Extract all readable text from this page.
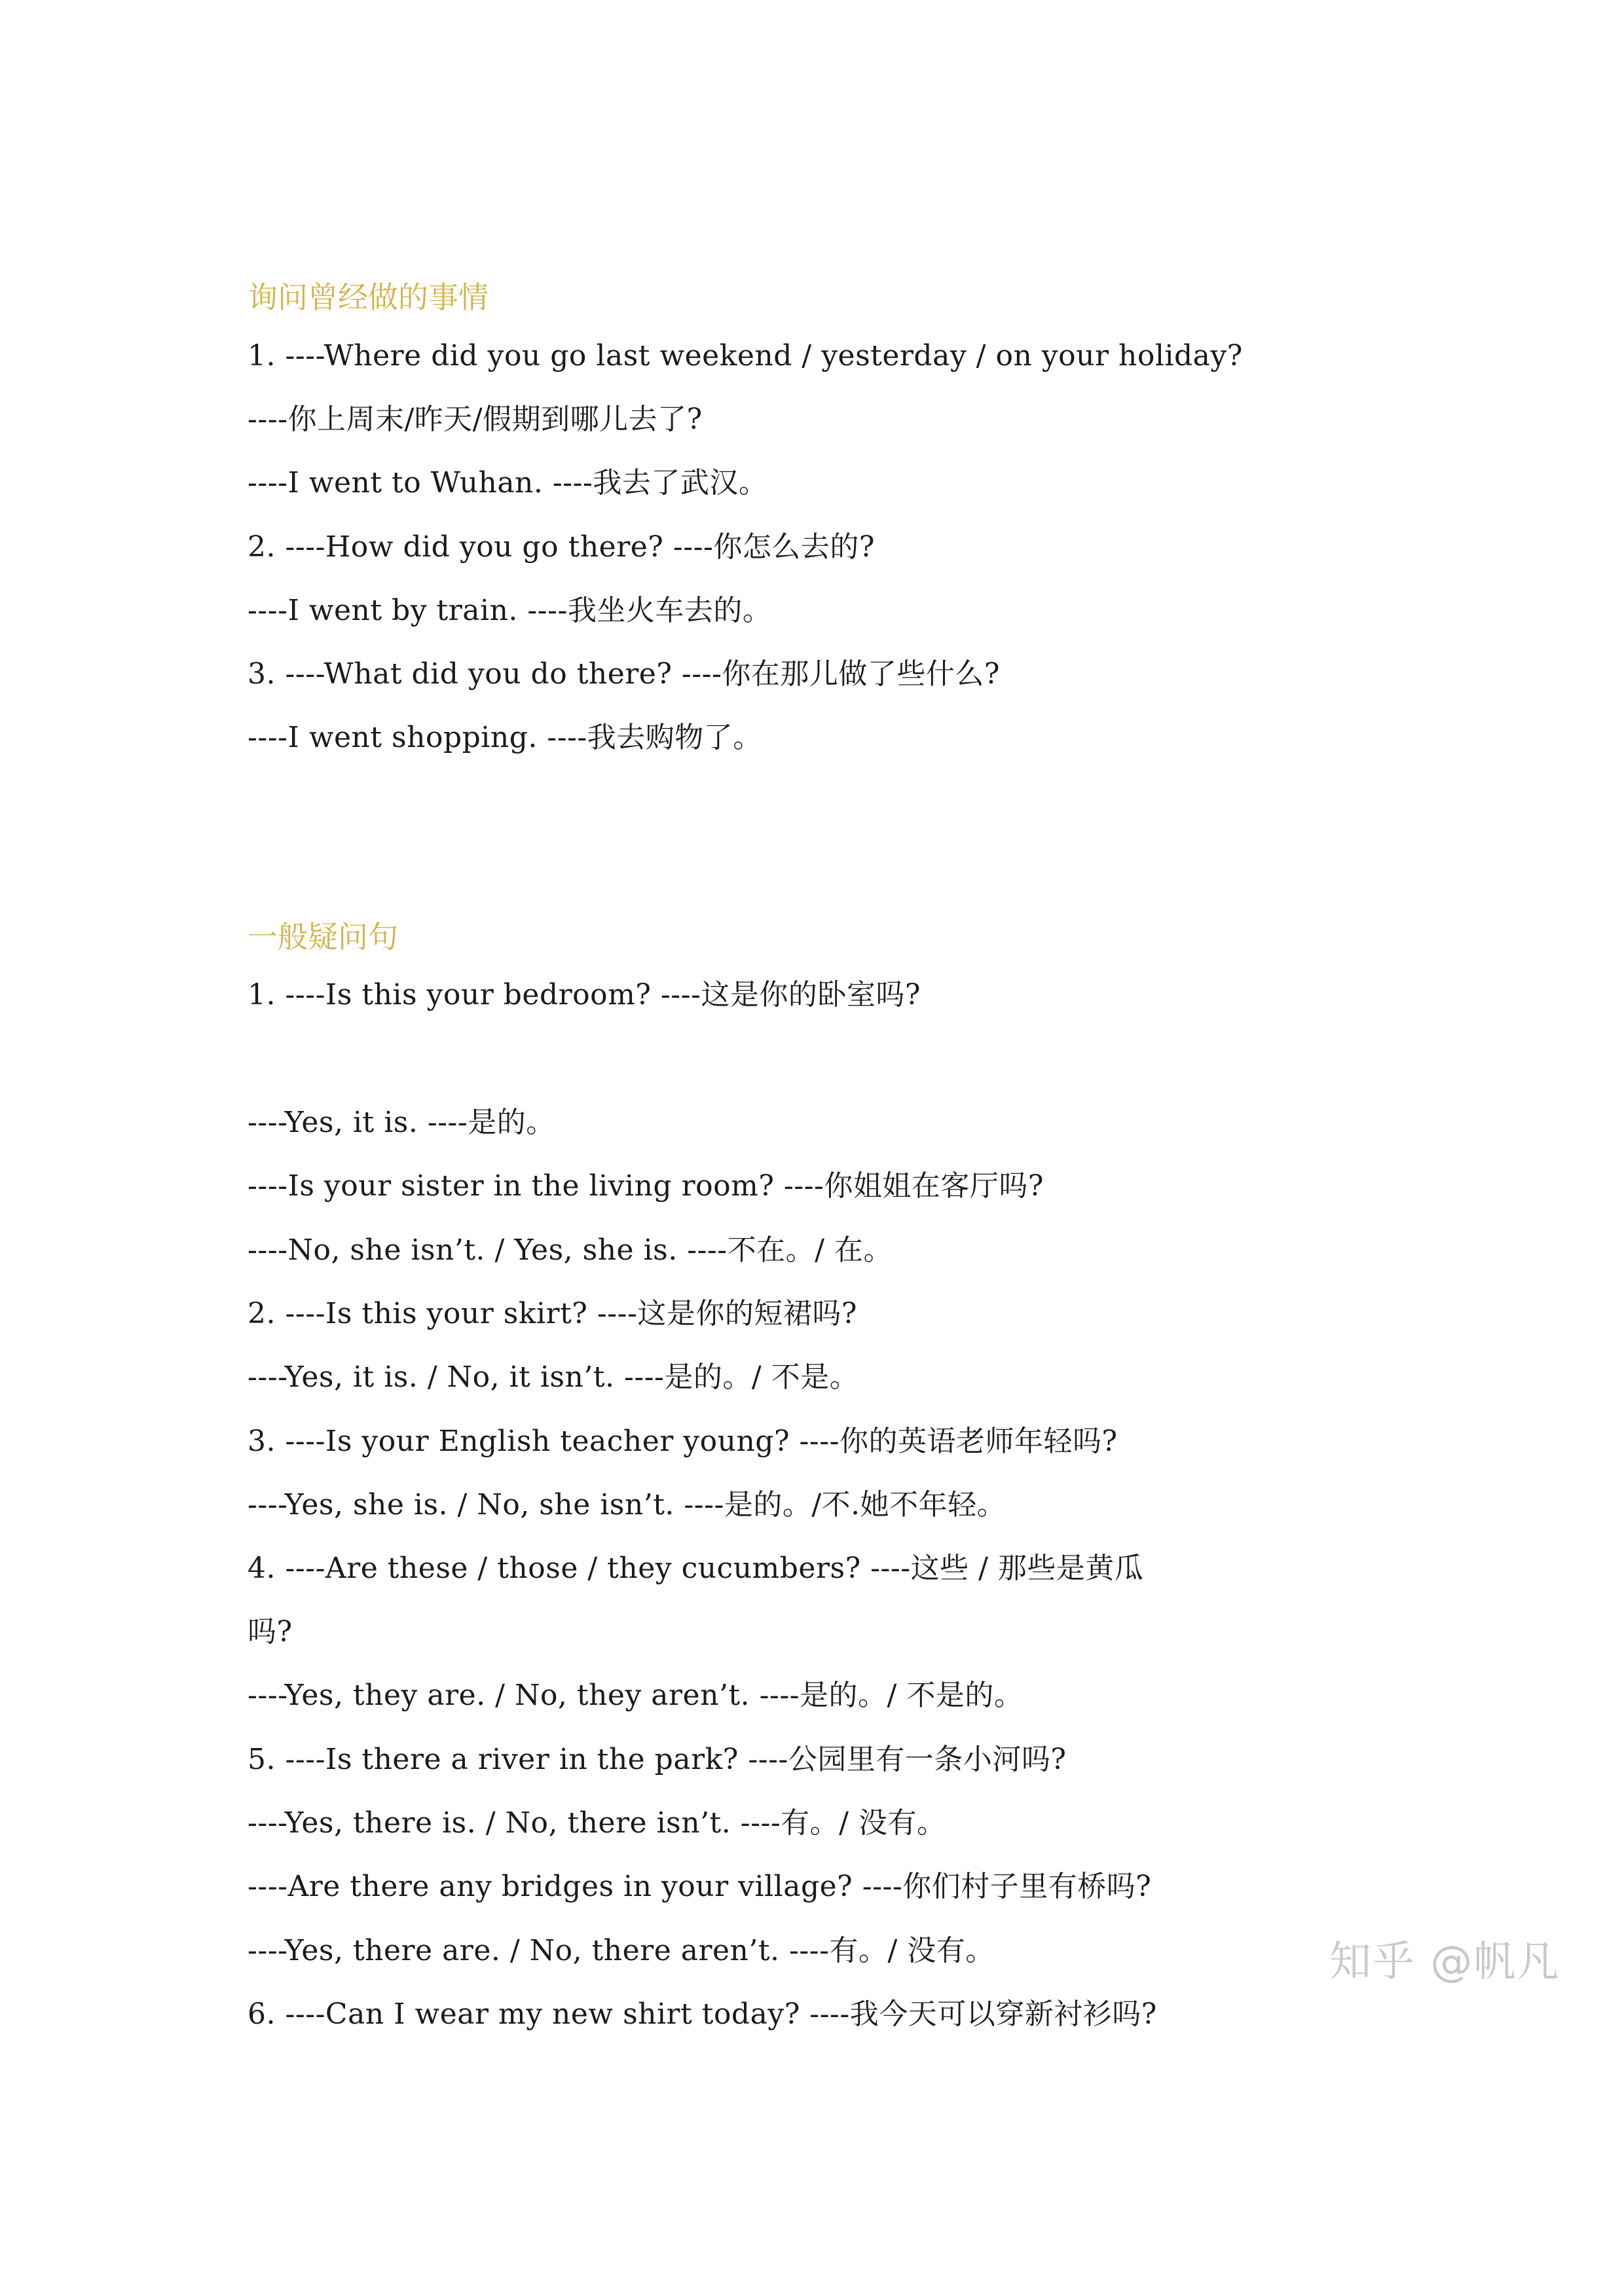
询问曾经做的事情
1. ----Where did you go last weekend / yesterday / on your holiday?
----你上周末/昨天/假期到哪儿去了?
----I went to Wuhan. ----我去了武汉。
2. ----How did you go there? ----你怎么去的?
----I went by train. ----我坐火车去的。
3. ----What did you do there? ----你在那儿做了些什么?
----I went shopping. ----我去购物了。
一般疑问句
1. ----Is this your bedroom? ----这是你的卧室吗?
----Yes, it is. ----是的。
----Is your sister in the living room? ----你姐姐在客厅吗?
----No, she isn’t. / Yes, she is. ----不在。/ 在。
2. ----Is this your skirt? ----这是你的短裙吗?
----Yes, it is. / No, it isn’t. ----是的。/ 不是。
3. ----Is your English teacher young? ----你的英语老师年轻吗?
----Yes, she is. / No, she isn’t. ----是的。/不.她不年轻。
4. ----Are these / those / they cucumbers? ----这些 / 那些是黄瓜
吗?
----Yes, they are. / No, they aren’t. ----是的。/ 不是的。
5. ----Is there a river in the park? ----公园里有一条小河吗?
----Yes, there is. / No, there isn’t. ----有。/ 没有。
----Are there any bridges in your village? ----你们村子里有桥吗?
----Yes, there are. / No, there aren’t. ----有。/ 没有。
6. ----Can I wear my new shirt today? ----我今天可以穿新衬衫吗?
知乎 @帆凡
